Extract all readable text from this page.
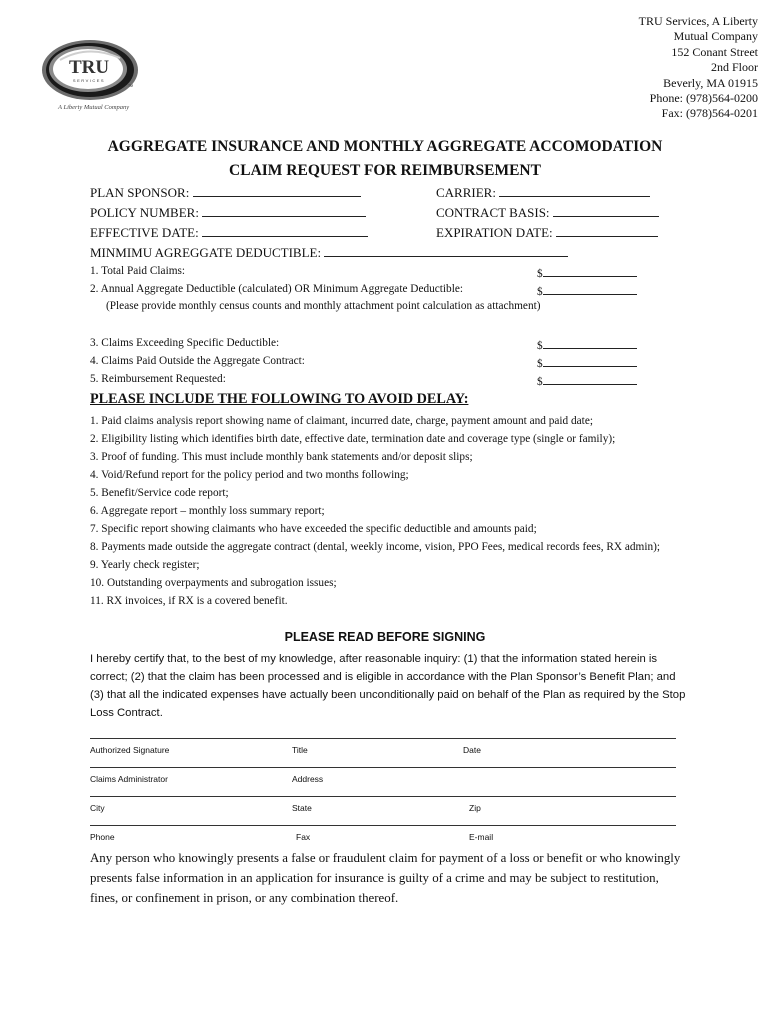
TRU
SERVICES
TM
A Liberty Mutual Company
TRU Services, A Liberty
Mutual Company
152 Conant Street
2nd Floor
Beverly, MA 01915
Phone: (978)564-0200
Fax: (978)564-0201
AGGREGATE INSURANCE AND MONTHLY AGGREGATE ACCOMODATION
CLAIM REQUEST FOR REIMBURSEMENT
PLAN SPONSOR:	CARRIER:
POLICY NUMBER:	CONTRACT BASIS:
EFFECTIVE DATE:	EXPIRATION DATE:
MINMIMU AGREGGATE DEDUCTIBLE:
1. Total Paid Claims:	$
2. Annual Aggregate Deductible (calculated) OR Minimum Aggregate Deductible:	$
(Please provide monthly census counts and monthly attachment point calculation as attachment)
3. Claims Exceeding Specific Deductible:	$
4. Claims Paid Outside the Aggregate Contract:	$
5. Reimbursement Requested:	$
PLEASE INCLUDE THE FOLLOWING TO AVOID DELAY:
1. Paid claims analysis report showing name of claimant, incurred date, charge, payment amount and paid date;
2. Eligibility listing which identifies birth date, effective date, termination date and coverage type (single or family);
3. Proof of funding. This must include monthly bank statements and/or deposit slips;
4. Void/Refund report for the policy period and two months following;
5. Benefit/Service code report;
6. Aggregate report – monthly loss summary report;
7. Specific report showing claimants who have exceeded the specific deductible and amounts paid;
8. Payments made outside the aggregate contract (dental, weekly income, vision, PPO Fees, medical records fees, RX admin);
9. Yearly check register;
10. Outstanding overpayments and subrogation issues;
11. RX invoices, if RX is a covered benefit.
PLEASE READ BEFORE SIGNING
I hereby certify that, to the best of my knowledge, after reasonable inquiry: (1) that the information stated herein is correct; (2) that the claim has been processed and is eligible in accordance with the Plan Sponsor’s Benefit Plan; and (3) that all the indicated expenses have actually been unconditionally paid on behalf of the Plan as required by the Stop Loss Contract.
Authorized Signature	Title	Date
Claims Administrator	Address
City	State	Zip
Phone	Fax	E-mail
Any person who knowingly presents a false or fraudulent claim for payment of a loss or benefit or who knowingly presents false information in an application for insurance is guilty of a crime and may be subject to restitution, fines, or confinement in prison, or any combination thereof.
